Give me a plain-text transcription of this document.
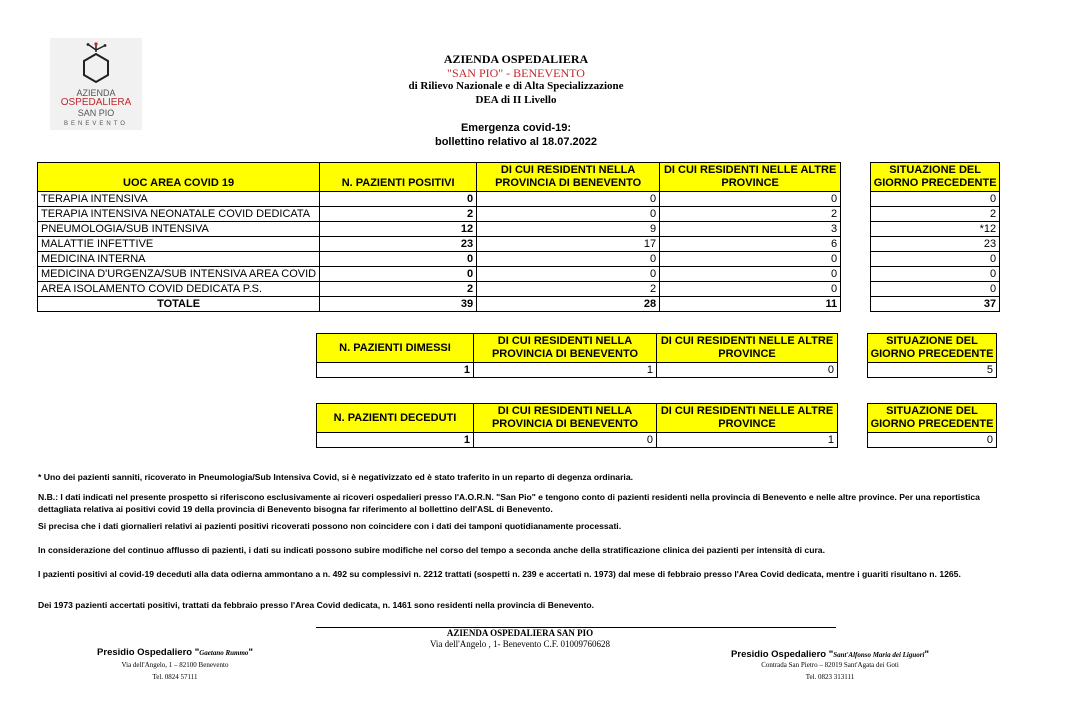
AZIENDA
OSPEDALIERA
SAN PIO
BENEVENTO
AZIENDA OSPEDALIERA
"SAN PIO" - BENEVENTO
di Rilievo Nazionale e di Alta Specializzazione
DEA di II Livello
Emergenza covid-19:
bollettino relativo al 18.07.2022
UOC AREA COVID 19	N. PAZIENTI POSITIVI	DI CUI RESIDENTI NELLA PROVINCIA DI BENEVENTO	DI CUI RESIDENTI NELLE ALTRE PROVINCE		SITUAZIONE DEL GIORNO PRECEDENTE
TERAPIA INTENSIVA	0	0	0		0
TERAPIA INTENSIVA NEONATALE COVID DEDICATA	2	0	2		2
PNEUMOLOGIA/SUB INTENSIVA	12	9	3		*12
MALATTIE INFETTIVE	23	17	6		23
MEDICINA INTERNA	0	0	0		0
MEDICINA D'URGENZA/SUB INTENSIVA AREA COVID	0	0	0		0
AREA ISOLAMENTO COVID DEDICATA P.S.	2	2	0		0
TOTALE	39	28	11		37
N. PAZIENTI DIMESSI	DI CUI RESIDENTI NELLA PROVINCIA DI BENEVENTO	DI CUI RESIDENTI NELLE ALTRE PROVINCE		SITUAZIONE DEL GIORNO PRECEDENTE
1	1	0		5
N. PAZIENTI DECEDUTI	DI CUI RESIDENTI NELLA PROVINCIA DI BENEVENTO	DI CUI RESIDENTI NELLE ALTRE PROVINCE		SITUAZIONE DEL GIORNO PRECEDENTE
1	0	1		0
* Uno dei pazienti sanniti, ricoverato in Pneumologia/Sub Intensiva Covid, si è negativizzato ed è stato traferito in un reparto di degenza ordinaria.
N.B.: I dati indicati nel presente prospetto si riferiscono esclusivamente ai ricoveri ospedalieri presso l'A.O.R.N. "San Pio" e tengono conto di pazienti residenti nella provincia di Benevento e nelle altre province. Per una reportistica dettagliata relativa ai positivi covid 19 della provincia di Benevento bisogna far riferimento al bollettino dell'ASL di Benevento.
Si precisa che i dati giornalieri relativi ai pazienti positivi ricoverati possono non coincidere con i dati dei tamponi quotidianamente processati.
In considerazione del continuo afflusso di pazienti, i dati su indicati possono subire modifiche nel corso del tempo a seconda anche della stratificazione clinica dei pazienti per intensità di cura.
I pazienti positivi al covid-19 deceduti alla data odierna ammontano a n. 492 su complessivi n. 2212 trattati (sospetti n. 239 e accertati n. 1973) dal mese di febbraio presso l'Area Covid dedicata, mentre i guariti risultano n. 1265.
Dei 1973 pazienti accertati positivi, trattati da febbraio presso l'Area Covid dedicata, n. 1461 sono residenti nella provincia di Benevento.
AZIENDA OSPEDALIERA SAN PIO
Via dell'Angelo , 1- Benevento C.F. 01009760628
Presidio Ospedaliero "Gaetano Rummo"
Via dell'Angelo, 1 – 82100 Benevento
Tel. 0824 57111
Presidio Ospedaliero "Sant'Alfonso Maria dei Liguori"
Contrada San Pietro – 82019 Sant'Agata dei Goti
Tel. 0823 313111
